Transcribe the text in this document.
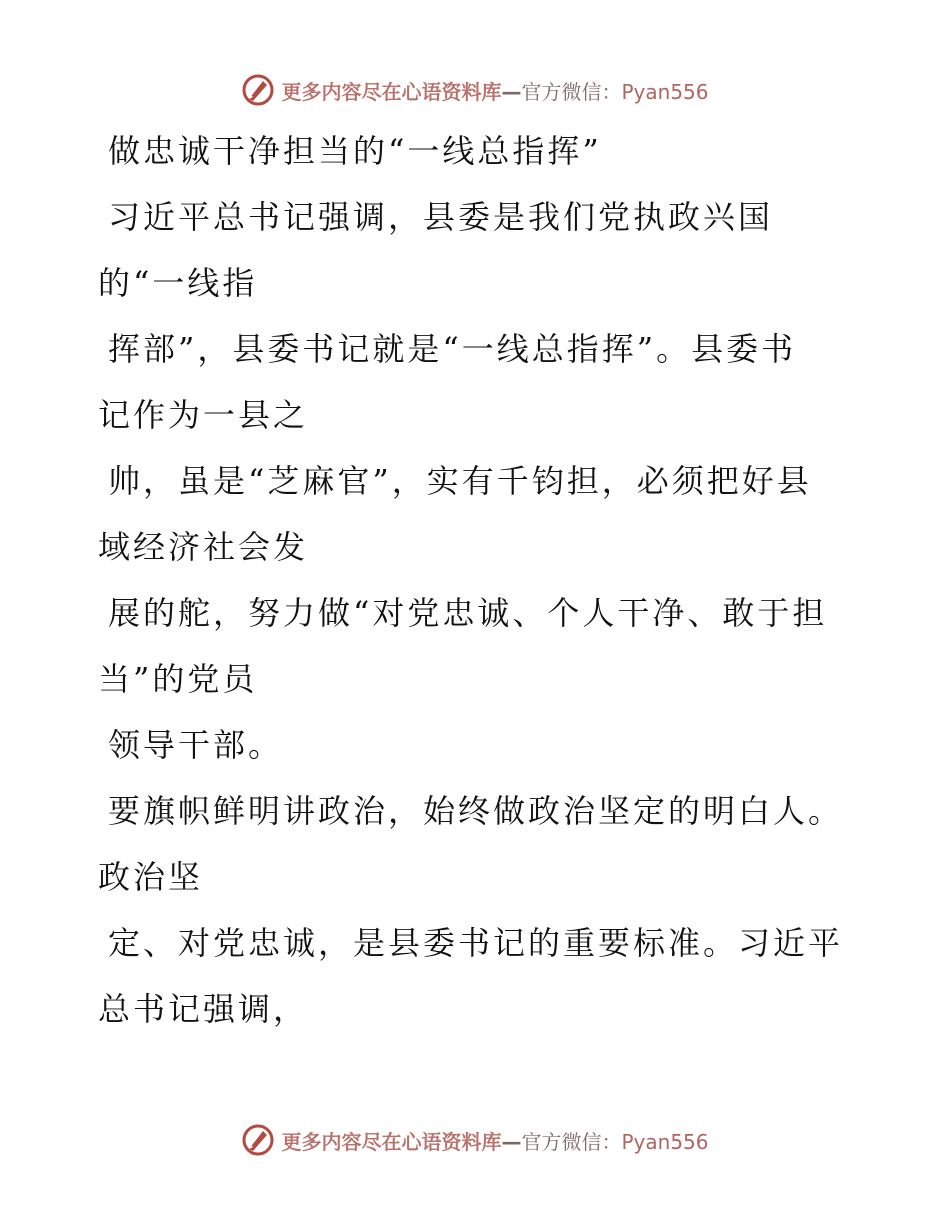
更多内容尽在心语资料库—官方微信：Pyan556
做忠诚干净担当的“一线总指挥”
习近平总书记强调，县委是我们党执政兴国
的“一线指
挥部”，县委书记就是“一线总指挥”。县委书
记作为一县之
帅，虽是“芝麻官”，实有千钧担，必须把好县
域经济社会发
展的舵，努力做“对党忠诚、个人干净、敢于担
当”的党员
领导干部。
要旗帜鲜明讲政治，始终做政治坚定的明白人。
政治坚
定、对党忠诚，是县委书记的重要标准。习近平
总书记强调，
更多内容尽在心语资料库—官方微信：Pyan556
